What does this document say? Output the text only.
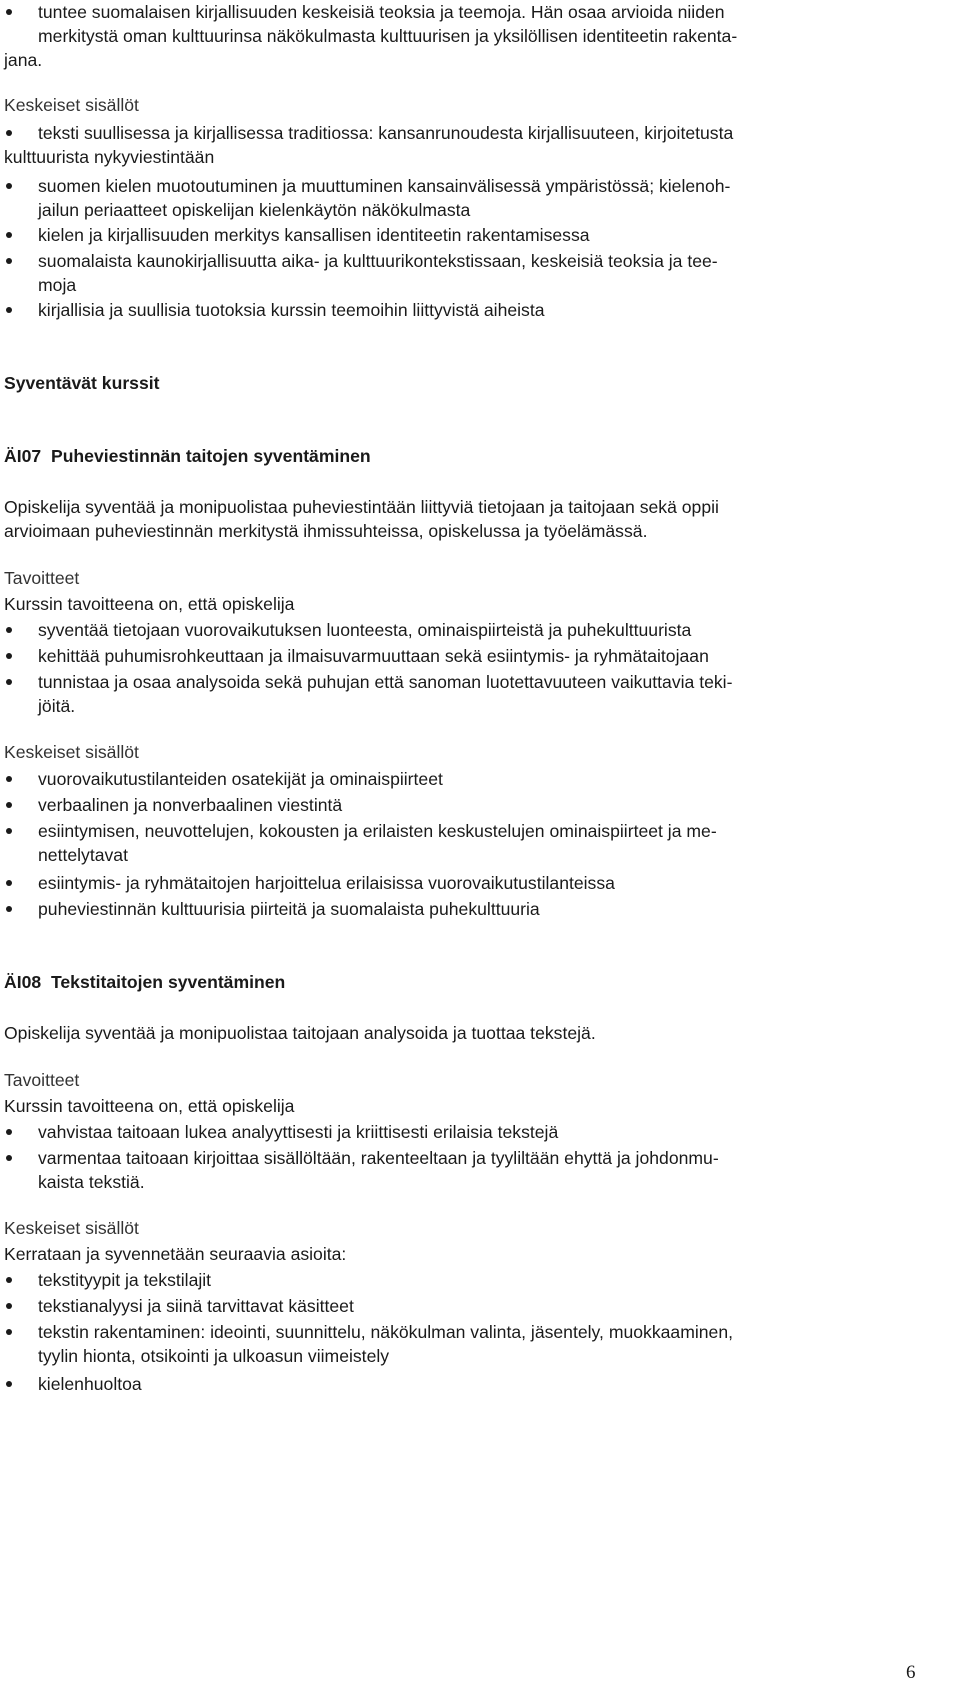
tuntee suomalaisen kirjallisuuden keskeisiä teoksia ja teemoja. Hän osaa arvioida niiden
merkitystä oman kulttuurinsa näkökulmasta kulttuurisen ja yksilöllisen identiteetin rakenta-
jana.
Keskeiset sisällöt
teksti suullisessa ja kirjallisessa traditiossa: kansanrunoudesta kirjallisuuteen, kirjoitetusta
kulttuurista nykyviestintään
suomen kielen muotoutuminen ja muuttuminen kansainvälisessä ympäristössä; kielenoh-
jailun periaatteet opiskelijan kielenkäytön näkökulmasta
kielen ja kirjallisuuden merkitys kansallisen identiteetin rakentamisessa
suomalaista kaunokirjallisuutta aika- ja kulttuurikontekstissaan, keskeisiä teoksia ja tee-
moja
kirjallisia ja suullisia tuotoksia kurssin teemoihin liittyvistä aiheista
Syventävät kurssit
ÄI07 Puheviestinnän taitojen syventäminen
Opiskelija syventää ja monipuolistaa puheviestintään liittyviä tietojaan ja taitojaan sekä oppii
arvioimaan puheviestinnän merkitystä ihmissuhteissa, opiskelussa ja työelämässä.
Tavoitteet
Kurssin tavoitteena on, että opiskelija
syventää tietojaan vuorovaikutuksen luonteesta, ominaispiirteistä ja puhekulttuurista
kehittää puhumisrohkeuttaan ja ilmaisuvarmuuttaan sekä esiintymis- ja ryhmätaitojaan
tunnistaa ja osaa analysoida sekä puhujan että sanoman luotettavuuteen vaikuttavia teki-
jöitä.
Keskeiset sisällöt
vuorovaikutustilanteiden osatekijät ja ominaispiirteet
verbaalinen ja nonverbaalinen viestintä
esiintymisen, neuvottelujen, kokousten ja erilaisten keskustelujen ominaispiirteet ja me-
nettelytavat
esiintymis- ja ryhmätaitojen harjoittelua erilaisissa vuorovaikutustilanteissa
puheviestinnän kulttuurisia piirteitä ja suomalaista puhekulttuuria
ÄI08 Tekstitaitojen syventäminen
Opiskelija syventää ja monipuolistaa taitojaan analysoida ja tuottaa tekstejä.
Tavoitteet
Kurssin tavoitteena on, että opiskelija
vahvistaa taitoaan lukea analyyttisesti ja kriittisesti erilaisia tekstejä
varmentaa taitoaan kirjoittaa sisällöltään, rakenteeltaan ja tyyliltään ehyttä ja johdonmu-
kaista tekstiä.
Keskeiset sisällöt
Kerrataan ja syvennetään seuraavia asioita:
tekstityypit ja tekstilajit
tekstianalyysi ja siinä tarvittavat käsitteet
tekstin rakentaminen: ideointi, suunnittelu, näkökulman valinta, jäsentely, muokkaaminen,
tyylin hionta, otsikointi ja ulkoasun viimeistely
kielenhuoltoa
6
